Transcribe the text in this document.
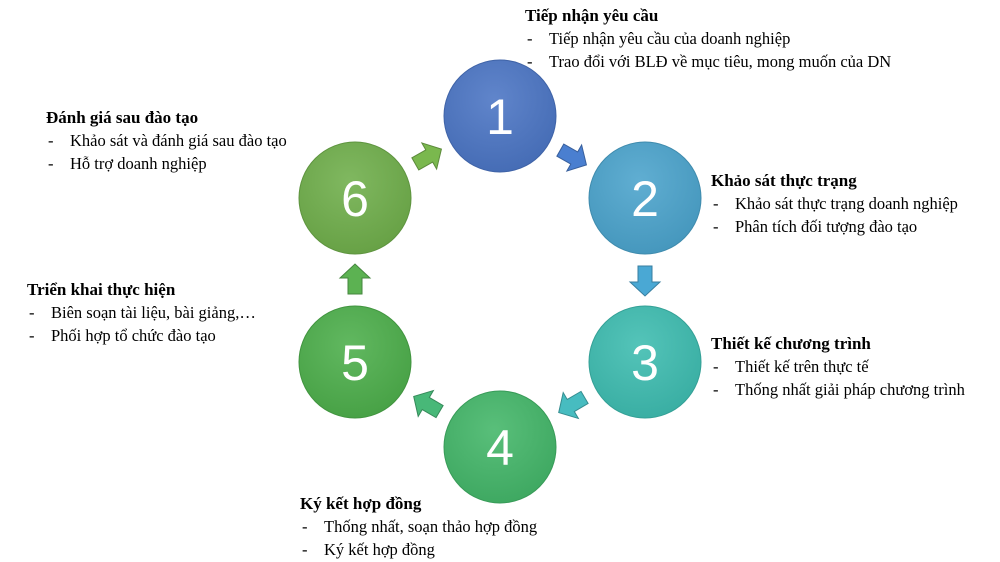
1
2
3
4
5
6
Tiếp nhận yêu cầu
- Tiếp nhận yêu cầu của doanh nghiệp
- Trao đổi với BLĐ về mục tiêu, mong muốn của DN
Khảo sát thực trạng
- Khảo sát thực trạng doanh nghiệp
- Phân tích đối tượng đào tạo
Thiết kế chương trình
- Thiết kế trên thực tế
- Thống nhất giải pháp chương trình
Ký kết hợp đồng
- Thống nhất, soạn thảo hợp đồng
- Ký kết hợp đồng
Triển khai thực hiện
- Biên soạn tài liệu, bài giảng,…
- Phối hợp tổ chức đào tạo
Đánh giá sau đào tạo
- Khảo sát và đánh giá sau đào tạo
- Hỗ trợ doanh nghiệp
